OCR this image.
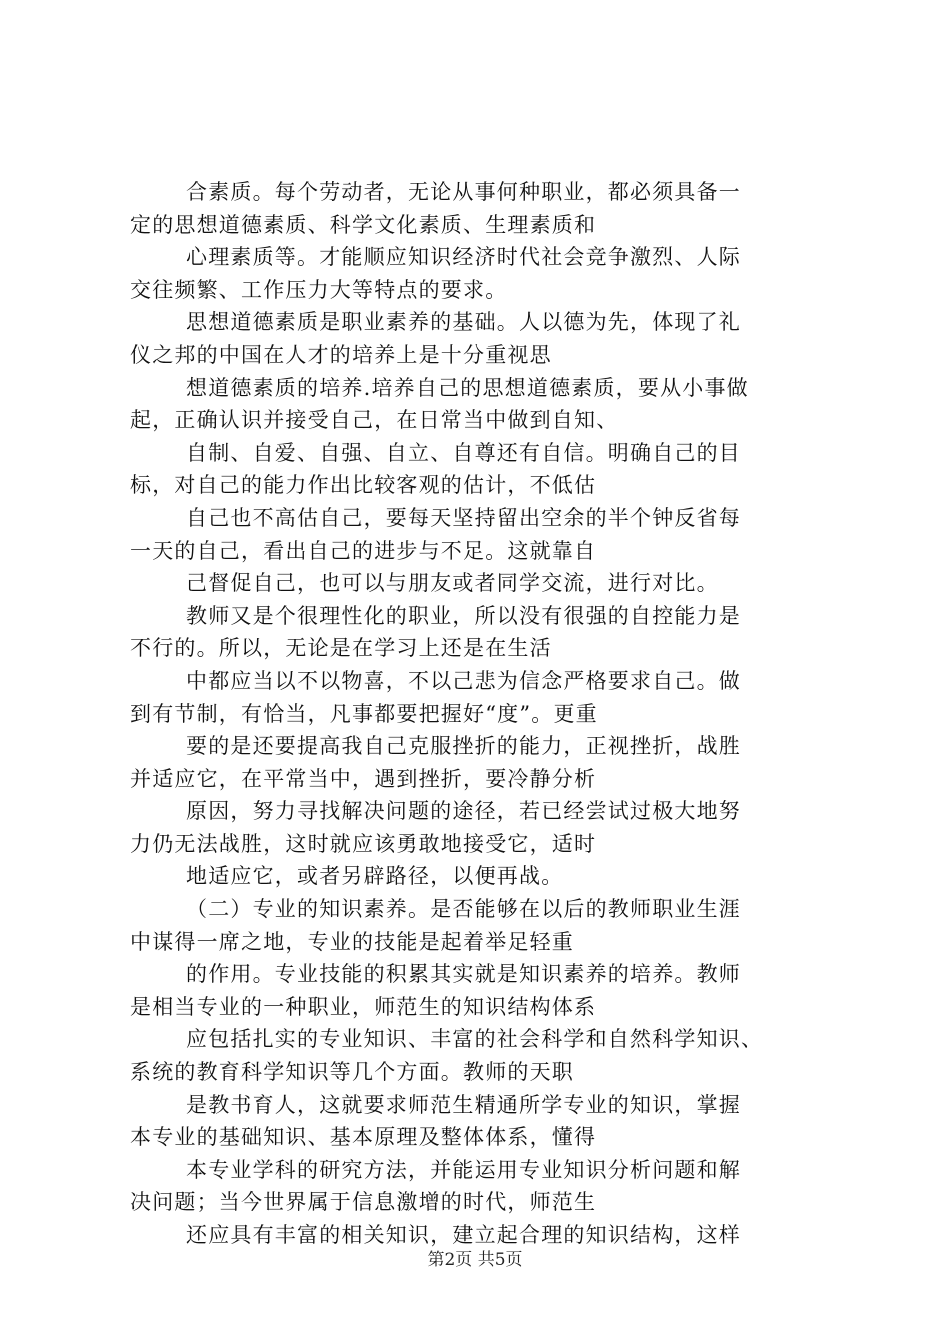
合素质。每个劳动者，无论从事何种职业，都必须具备一
定的思想道德素质、科学文化素质、生理素质和
心理素质等。才能顺应知识经济时代社会竞争激烈、人际
交往频繁、工作压力大等特点的要求。
思想道德素质是职业素养的基础。人以德为先，体现了礼
仪之邦的中国在人才的培养上是十分重视思
想道德素质的培养.培养自己的思想道德素质，要从小事做
起，正确认识并接受自己，在日常当中做到自知、
自制、自爱、自强、自立、自尊还有自信。明确自己的目
标，对自己的能力作出比较客观的估计，不低估
自己也不高估自己，要每天坚持留出空余的半个钟反省每
一天的自己，看出自己的进步与不足。这就靠自
己督促自己，也可以与朋友或者同学交流，进行对比。
教师又是个很理性化的职业，所以没有很强的自控能力是
不行的。所以，无论是在学习上还是在生活
中都应当以不以物喜，不以己悲为信念严格要求自己。做
到有节制，有恰当，凡事都要把握好“度”。更重
要的是还要提高我自己克服挫折的能力，正视挫折，战胜
并适应它，在平常当中，遇到挫折，要冷静分析
原因，努力寻找解决问题的途径，若已经尝试过极大地努
力仍无法战胜，这时就应该勇敢地接受它，适时
地适应它，或者另辟路径，以便再战。
（二）专业的知识素养。是否能够在以后的教师职业生涯
中谋得一席之地，专业的技能是起着举足轻重
的作用。专业技能的积累其实就是知识素养的培养。教师
是相当专业的一种职业，师范生的知识结构体系
应包括扎实的专业知识、丰富的社会科学和自然科学知识、
系统的教育科学知识等几个方面。教师的天职
是教书育人，这就要求师范生精通所学专业的知识，掌握
本专业的基础知识、基本原理及整体体系，懂得
本专业学科的研究方法，并能运用专业知识分析问题和解
决问题；当今世界属于信息激增的时代，师范生
还应具有丰富的相关知识，建立起合理的知识结构，这样
第2页 共5页
